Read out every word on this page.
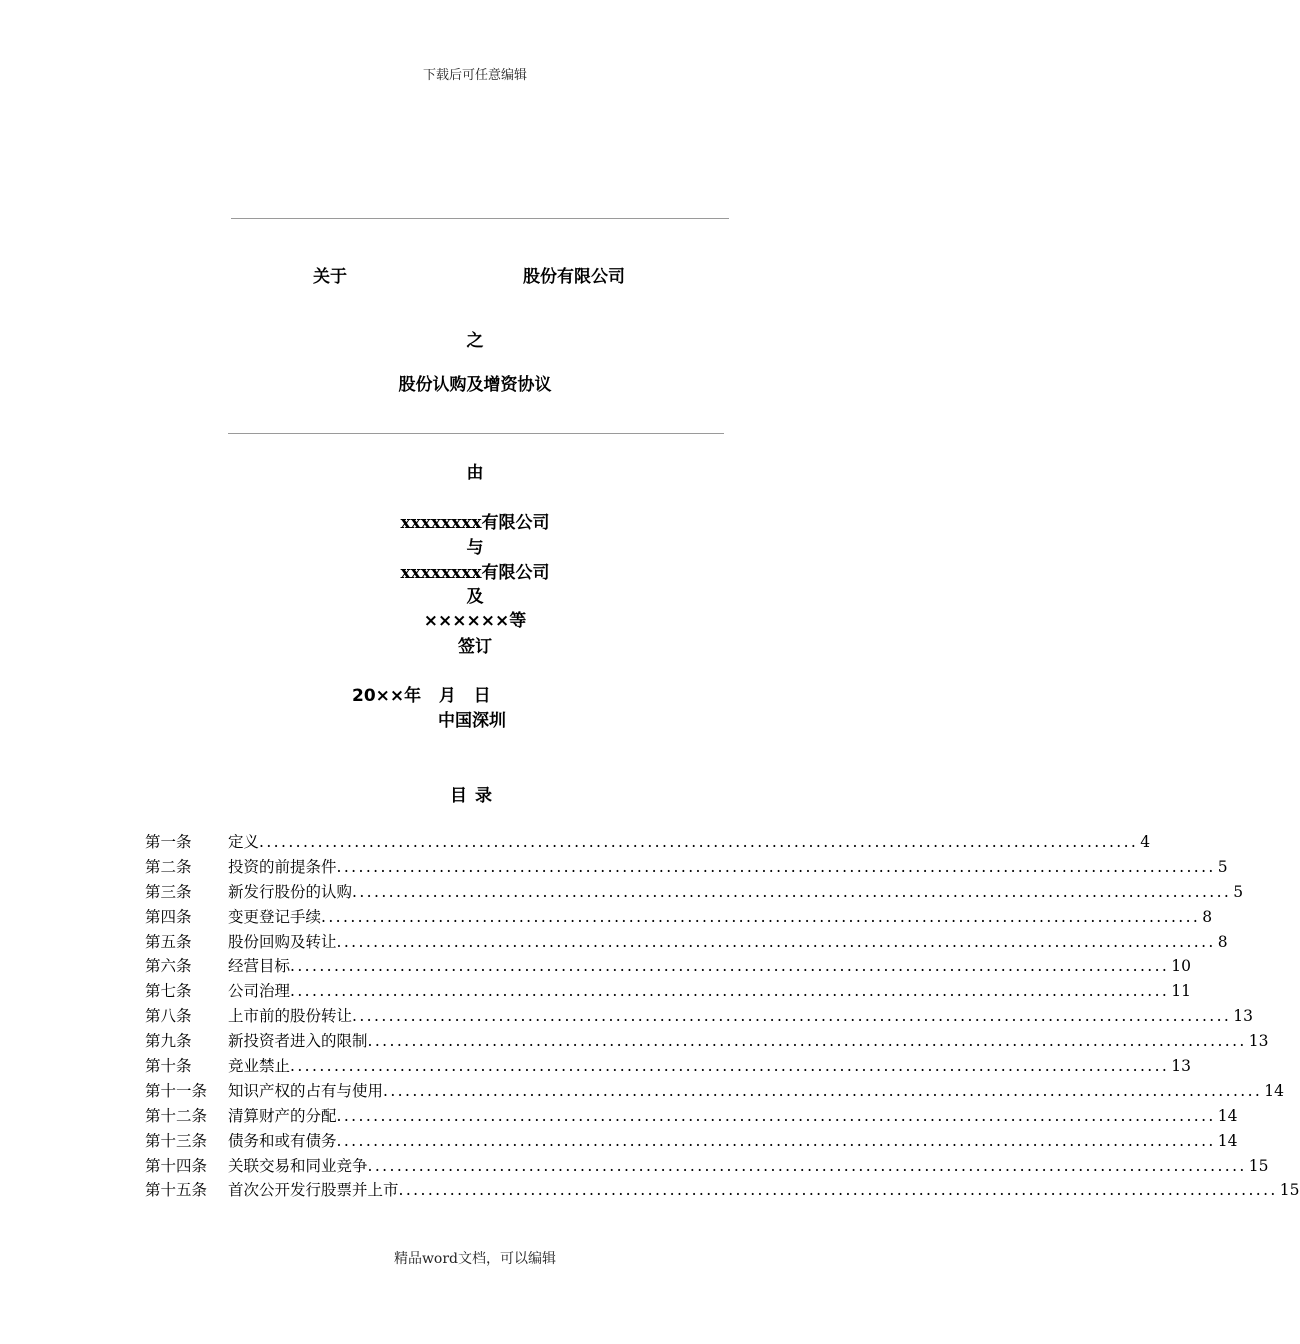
下载后可任意编辑
关于	股份有限公司
之
股份认购及增资协议
由
xxxxxxxx有限公司
与
xxxxxxxx有限公司
及
××××××等
签订
20××年   月   日
中国深圳
目录
第一条	定义 ........................................................................................................................ 4
第二条	投资的前提条件 ........................................................................................................................ 5
第三条	新发行股份的认购 ........................................................................................................................ 5
第四条	变更登记手续 ........................................................................................................................ 8
第五条	股份回购及转让 ........................................................................................................................ 8
第六条	经营目标 ........................................................................................................................ 10
第七条	公司治理 ........................................................................................................................ 11
第八条	上市前的股份转让 ........................................................................................................................ 13
第九条	新投资者进入的限制 ........................................................................................................................ 13
第十条	竞业禁止 ........................................................................................................................ 13
第十一条	知识产权的占有与使用 ........................................................................................................................ 14
第十二条	清算财产的分配 ........................................................................................................................ 14
第十三条	债务和或有债务 ........................................................................................................................ 14
第十四条	关联交易和同业竞争 ........................................................................................................................ 15
第十五条	首次公开发行股票并上市 ........................................................................................................................ 15
精品word文档，可以编辑
